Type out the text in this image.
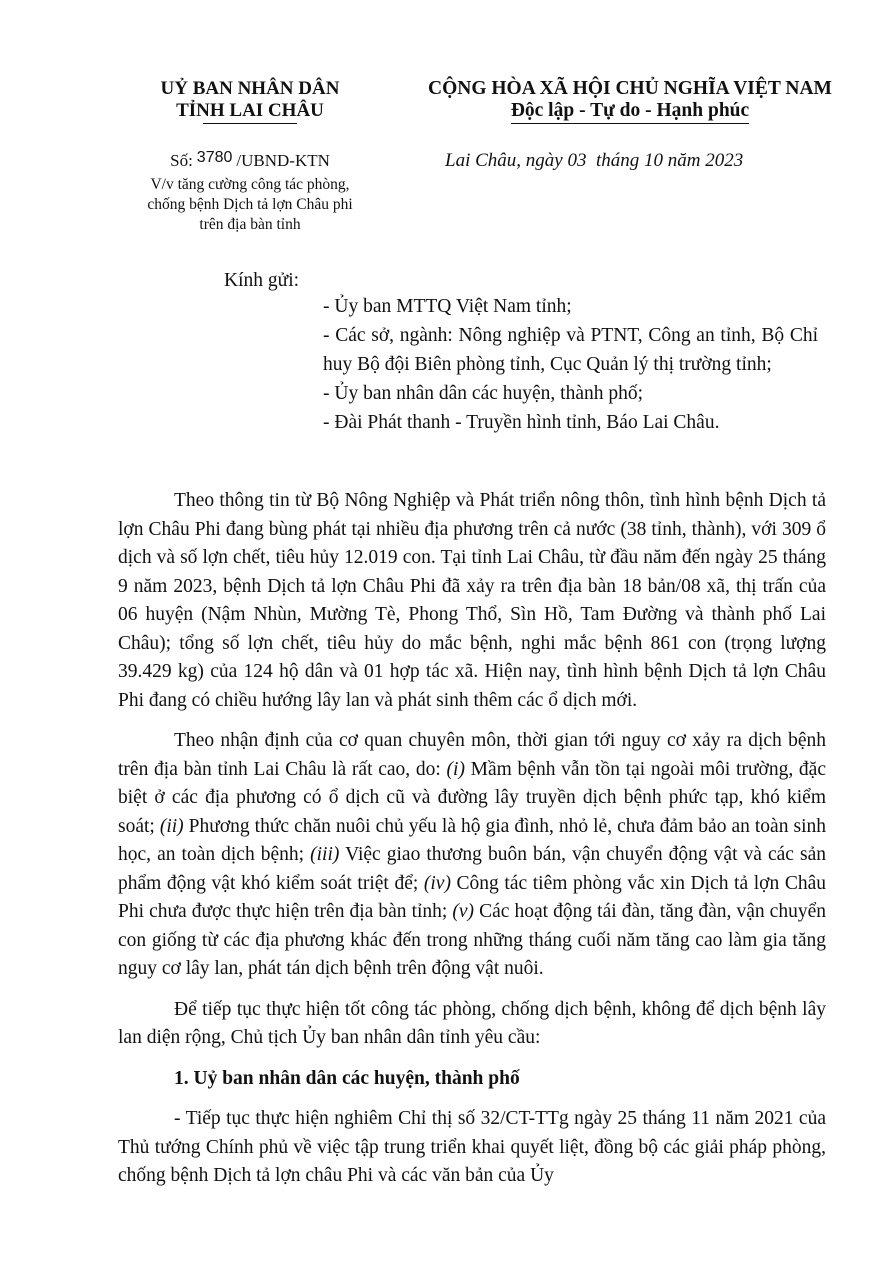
UỶ BAN NHÂN DÂN
TỈNH LAI CHÂU
CỘNG HÒA XÃ HỘI CHỦ NGHĨA VIỆT NAM
Độc lập - Tự do - Hạnh phúc
Số: 3780 /UBND-KTN
V/v tăng cường công tác phòng,
chống bệnh Dịch tả lợn Châu phi
trên địa bàn tỉnh
Lai Châu, ngày 03 tháng 10 năm 2023
Kính gửi:

- Ủy ban MTTQ Việt Nam tỉnh;

- Các sở, ngành: Nông nghiệp và PTNT, Công an tỉnh, Bộ Chỉ huy Bộ đội Biên phòng tỉnh, Cục Quản lý thị trường tỉnh;

- Ủy ban nhân dân các huyện, thành phố;

- Đài Phát thanh - Truyền hình tỉnh, Báo Lai Châu.

Theo thông tin từ Bộ Nông Nghiệp và Phát triển nông thôn, tình hình bệnh Dịch tả lợn Châu Phi đang bùng phát tại nhiều địa phương trên cả nước (38 tỉnh, thành), với 309 ổ dịch và số lợn chết, tiêu hủy 12.019 con. Tại tỉnh Lai Châu, từ đầu năm đến ngày 25 tháng 9 năm 2023, bệnh Dịch tả lợn Châu Phi đã xảy ra trên địa bàn 18 bản/08 xã, thị trấn của 06 huyện (Nậm Nhùn, Mường Tè, Phong Thổ, Sìn Hồ, Tam Đường và thành phố Lai Châu); tổng số lợn chết, tiêu hủy do mắc bệnh, nghi mắc bệnh 861 con (trọng lượng 39.429 kg) của 124 hộ dân và 01 hợp tác xã. Hiện nay, tình hình bệnh Dịch tả lợn Châu Phi đang có chiều hướng lây lan và phát sinh thêm các ổ dịch mới.

Theo nhận định của cơ quan chuyên môn, thời gian tới nguy cơ xảy ra dịch bệnh trên địa bàn tỉnh Lai Châu là rất cao, do: (i) Mầm bệnh vẫn tồn tại ngoài môi trường, đặc biệt ở các địa phương có ổ dịch cũ và đường lây truyền dịch bệnh phức tạp, khó kiểm soát; (ii) Phương thức chăn nuôi chủ yếu là hộ gia đình, nhỏ lẻ, chưa đảm bảo an toàn sinh học, an toàn dịch bệnh; (iii) Việc giao thương buôn bán, vận chuyển động vật và các sản phẩm động vật khó kiểm soát triệt để; (iv) Công tác tiêm phòng vắc xin Dịch tả lợn Châu Phi chưa được thực hiện trên địa bàn tỉnh; (v) Các hoạt động tái đàn, tăng đàn, vận chuyển con giống từ các địa phương khác đến trong những tháng cuối năm tăng cao làm gia tăng nguy cơ lây lan, phát tán dịch bệnh trên động vật nuôi.

Để tiếp tục thực hiện tốt công tác phòng, chống dịch bệnh, không để dịch bệnh lây lan diện rộng, Chủ tịch Ủy ban nhân dân tỉnh yêu cầu:

1. Uỷ ban nhân dân các huyện, thành phố

- Tiếp tục thực hiện nghiêm Chỉ thị số 32/CT-TTg ngày 25 tháng 11 năm 2021 của Thủ tướng Chính phủ về việc tập trung triển khai quyết liệt, đồng bộ các giải pháp phòng, chống bệnh Dịch tả lợn châu Phi và các văn bản của Ủy
